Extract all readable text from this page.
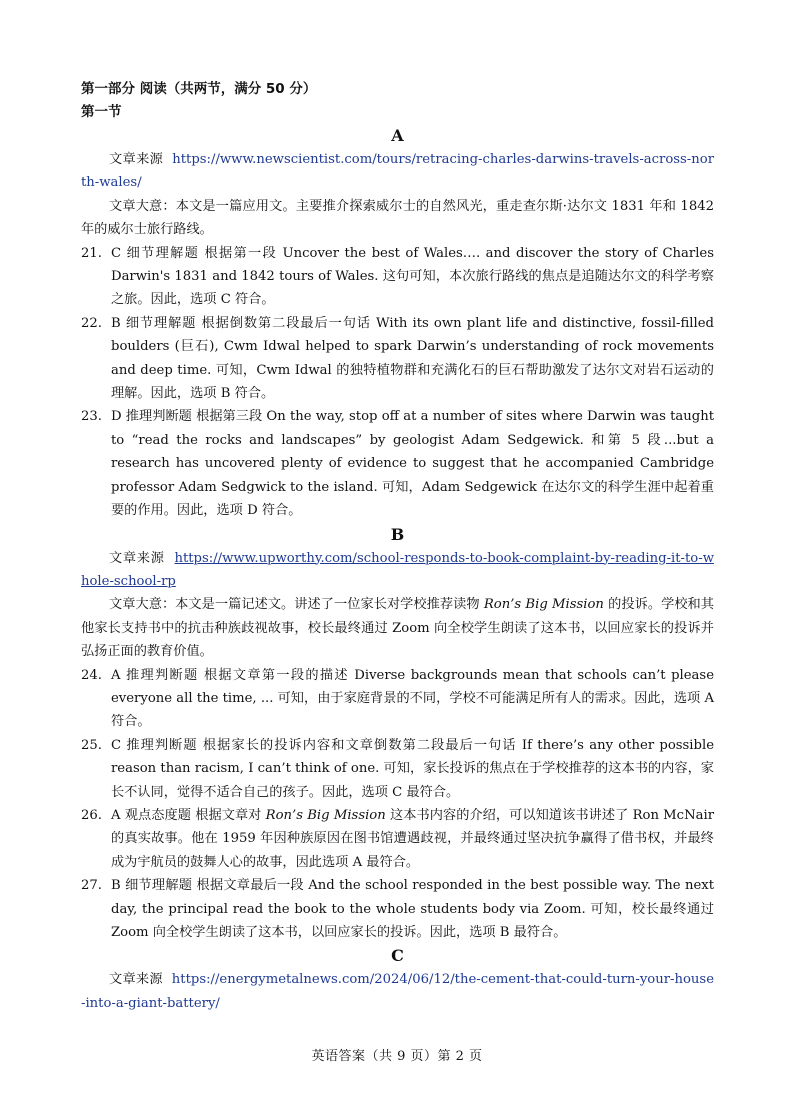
第一部分 阅读（共两节，满分 50 分）
第一节
A

文章来源 https://www.newscientist.com/tours/retracing-charles-darwins-travels-across-north-wales/

文章大意：本文是一篇应用文。主要推介探索威尔士的自然风光，重走查尔斯·达尔文 1831 年和 1842 年的威尔士旅行路线。

21. C 细节理解题 根据第一段 Uncover the best of Wales…. and discover the story of Charles Darwin's 1831 and 1842 tours of Wales. 这句可知，本次旅行路线的焦点是追随达尔文的科学考察之旅。因此，选项 C 符合。

22. B 细节理解题 根据倒数第二段最后一句话 With its own plant life and distinctive, fossil-filled boulders (巨石), Cwm Idwal helped to spark Darwin’s understanding of rock movements and deep time. 可知，Cwm Idwal 的独特植物群和充满化石的巨石帮助激发了达尔文对岩石运动的理解。因此，选项 B 符合。

23. D 推理判断题 根据第三段 On the way, stop off at a number of sites where Darwin was taught to “read the rocks and landscapes” by geologist Adam Sedgewick. 和第 5 段...but a research has uncovered plenty of evidence to suggest that he accompanied Cambridge professor Adam Sedgwick to the island. 可知，Adam Sedgewick 在达尔文的科学生涯中起着重要的作用。因此，选项 D 符合。

B

文章来源 https://www.upworthy.com/school-responds-to-book-complaint-by-reading-it-to-whole-school-rp

文章大意：本文是一篇记述文。讲述了一位家长对学校推荐读物 Ron’s Big Mission 的投诉。学校和其他家长支持书中的抗击种族歧视故事，校长最终通过 Zoom 向全校学生朗读了这本书，以回应家长的投诉并弘扬正面的教育价值。

24. A 推理判断题 根据文章第一段的描述 Diverse backgrounds mean that schools can’t please everyone all the time, ... 可知，由于家庭背景的不同，学校不可能满足所有人的需求。因此，选项 A 符合。

25. C 推理判断题 根据家长的投诉内容和文章倒数第二段最后一句话 If there’s any other possible reason than racism, I can’t think of one. 可知，家长投诉的焦点在于学校推荐的这本书的内容，家长不认同，觉得不适合自己的孩子。因此，选项 C 最符合。

26. A 观点态度题 根据文章对 Ron’s Big Mission 这本书内容的介绍，可以知道该书讲述了 Ron McNair 的真实故事。他在 1959 年因种族原因在图书馆遭遇歧视，并最终通过坚决抗争赢得了借书权，并最终成为宇航员的鼓舞人心的故事，因此选项 A 最符合。

27. B 细节理解题 根据文章最后一段 And the school responded in the best possible way. The next day, the principal read the book to the whole students body via Zoom. 可知，校长最终通过 Zoom 向全校学生朗读了这本书，以回应家长的投诉。因此，选项 B 最符合。

C

文章来源 https://energymetalnews.com/2024/06/12/the-cement-that-could-turn-your-house-into-a-giant-battery/

英语答案（共 9 页）第 2 页
